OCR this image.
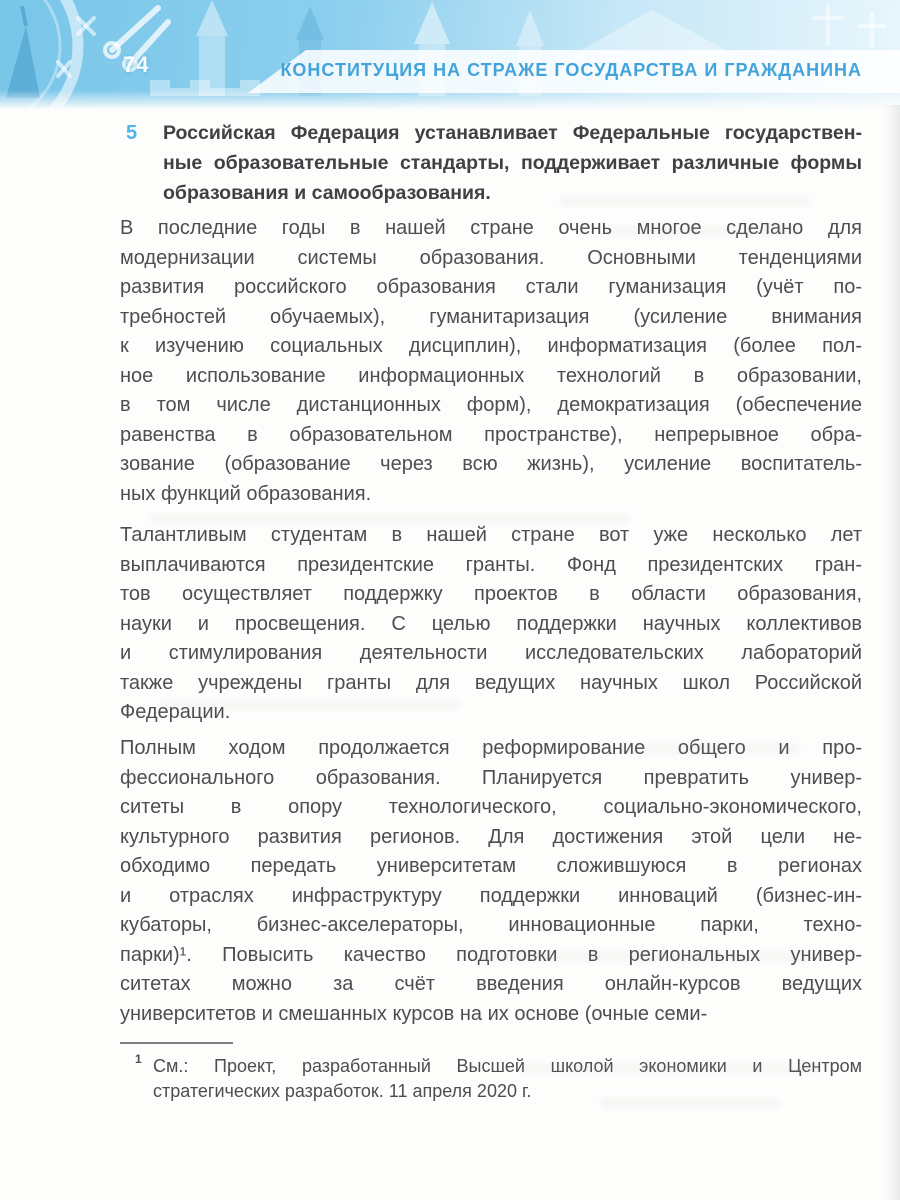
74	КОНСТИТУЦИЯ НА СТРАЖЕ ГОСУДАРСТВА И ГРАЖДАНИНА
5 Российская Федерация устанавливает Федеральные государствен-
ные образовательные стандарты, поддерживает различные формы
образования и самообразования.
В последние годы в нашей стране очень многое сделано для
модернизации системы образования. Основными тенденциями
развития российского образования стали гуманизация (учёт по-
требностей обучаемых), гуманитаризация (усиление внимания
к изучению социальных дисциплин), информатизация (более пол-
ное использование информационных технологий в образовании,
в том числе дистанционных форм), демократизация (обеспечение
равенства в образовательном пространстве), непрерывное обра-
зование (образование через всю жизнь), усиление воспитатель-
ных функций образования.
Талантливым студентам в нашей стране вот уже несколько лет
выплачиваются президентские гранты. Фонд президентских гран-
тов осуществляет поддержку проектов в области образования,
науки и просвещения. С целью поддержки научных коллективов
и стимулирования деятельности исследовательских лабораторий
также учреждены гранты для ведущих научных школ Российской
Федерации.
Полным ходом продолжается реформирование общего и про-
фессионального образования. Планируется превратить универ-
ситеты в опору технологического, социально-экономического,
культурного развития регионов. Для достижения этой цели не-
обходимо передать университетам сложившуюся в регионах
и отраслях инфраструктуру поддержки инноваций (бизнес-ин-
кубаторы, бизнес-акселераторы, инновационные парки, техно-
парки)¹. Повысить качество подготовки в региональных универ-
ситетах можно за счёт введения онлайн-курсов ведущих
университетов и смешанных курсов на их основе (очные семи-
1 См.: Проект, разработанный Высшей школой экономики и Центром
стратегических разработок. 11 апреля 2020 г.
